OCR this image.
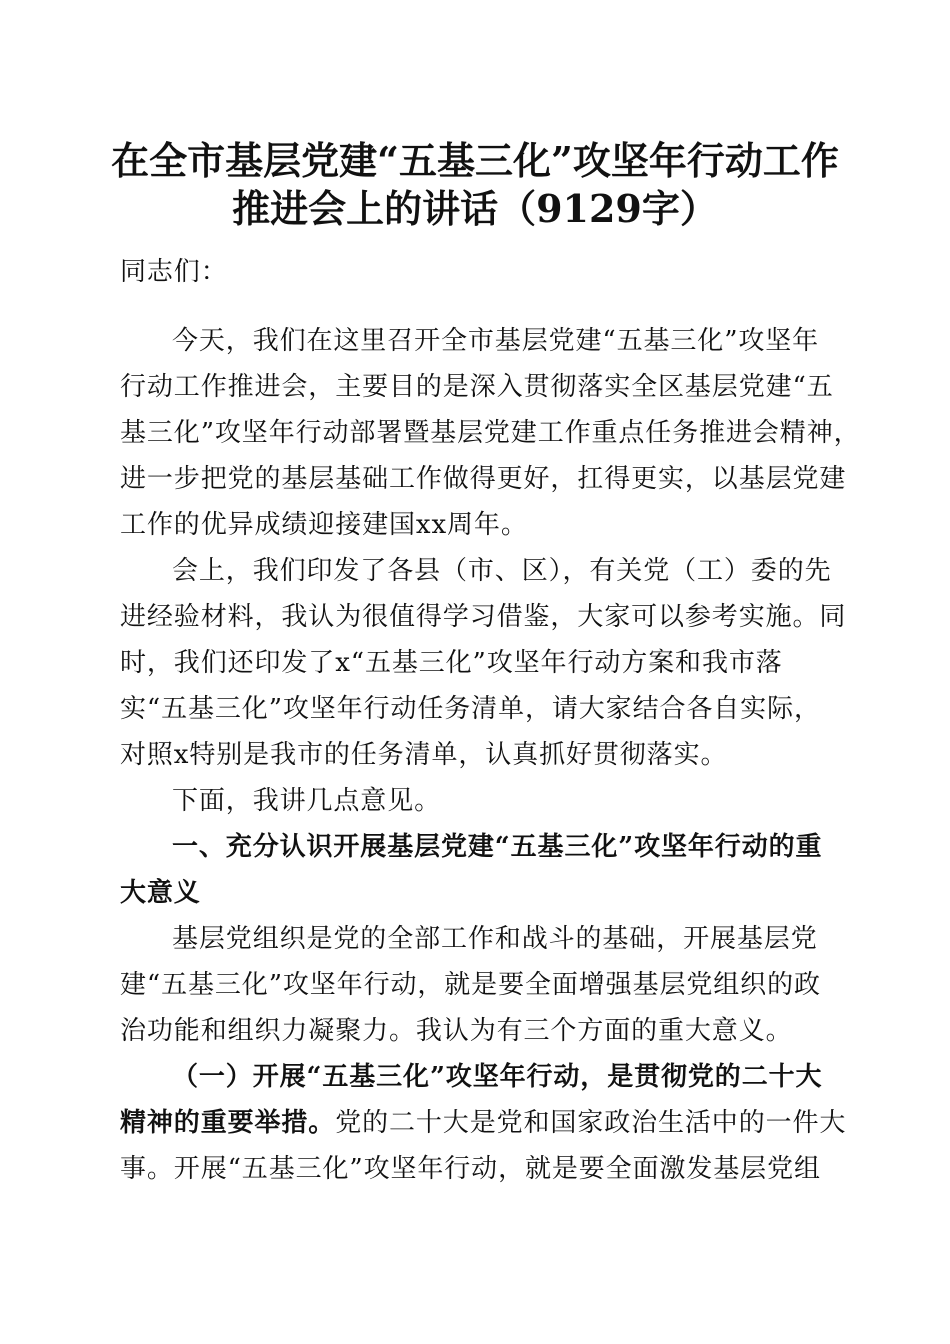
在全市基层党建“五基三化”攻坚年行动工作
推进会上的讲话（9129字）
同志们：
今天，我们在这里召开全市基层党建“五基三化”攻坚年
行动工作推进会，主要目的是深入贯彻落实全区基层党建“五
基三化”攻坚年行动部署暨基层党建工作重点任务推进会精神，
进一步把党的基层基础工作做得更好，扛得更实，以基层党建
工作的优异成绩迎接建国xx周年。
会上，我们印发了各县（市、区），有关党（工）委的先
进经验材料，我认为很值得学习借鉴，大家可以参考实施。同
时，我们还印发了x“五基三化”攻坚年行动方案和我市落
实“五基三化”攻坚年行动任务清单，请大家结合各自实际，
对照x特别是我市的任务清单，认真抓好贯彻落实。
下面，我讲几点意见。
一、充分认识开展基层党建“五基三化”攻坚年行动的重
大意义
基层党组织是党的全部工作和战斗的基础，开展基层党
建“五基三化”攻坚年行动，就是要全面增强基层党组织的政
治功能和组织力凝聚力。我认为有三个方面的重大意义。
（一）开展“五基三化”攻坚年行动，是贯彻党的二十大
精神的重要举措。党的二十大是党和国家政治生活中的一件大
事。开展“五基三化”攻坚年行动，就是要全面激发基层党组
